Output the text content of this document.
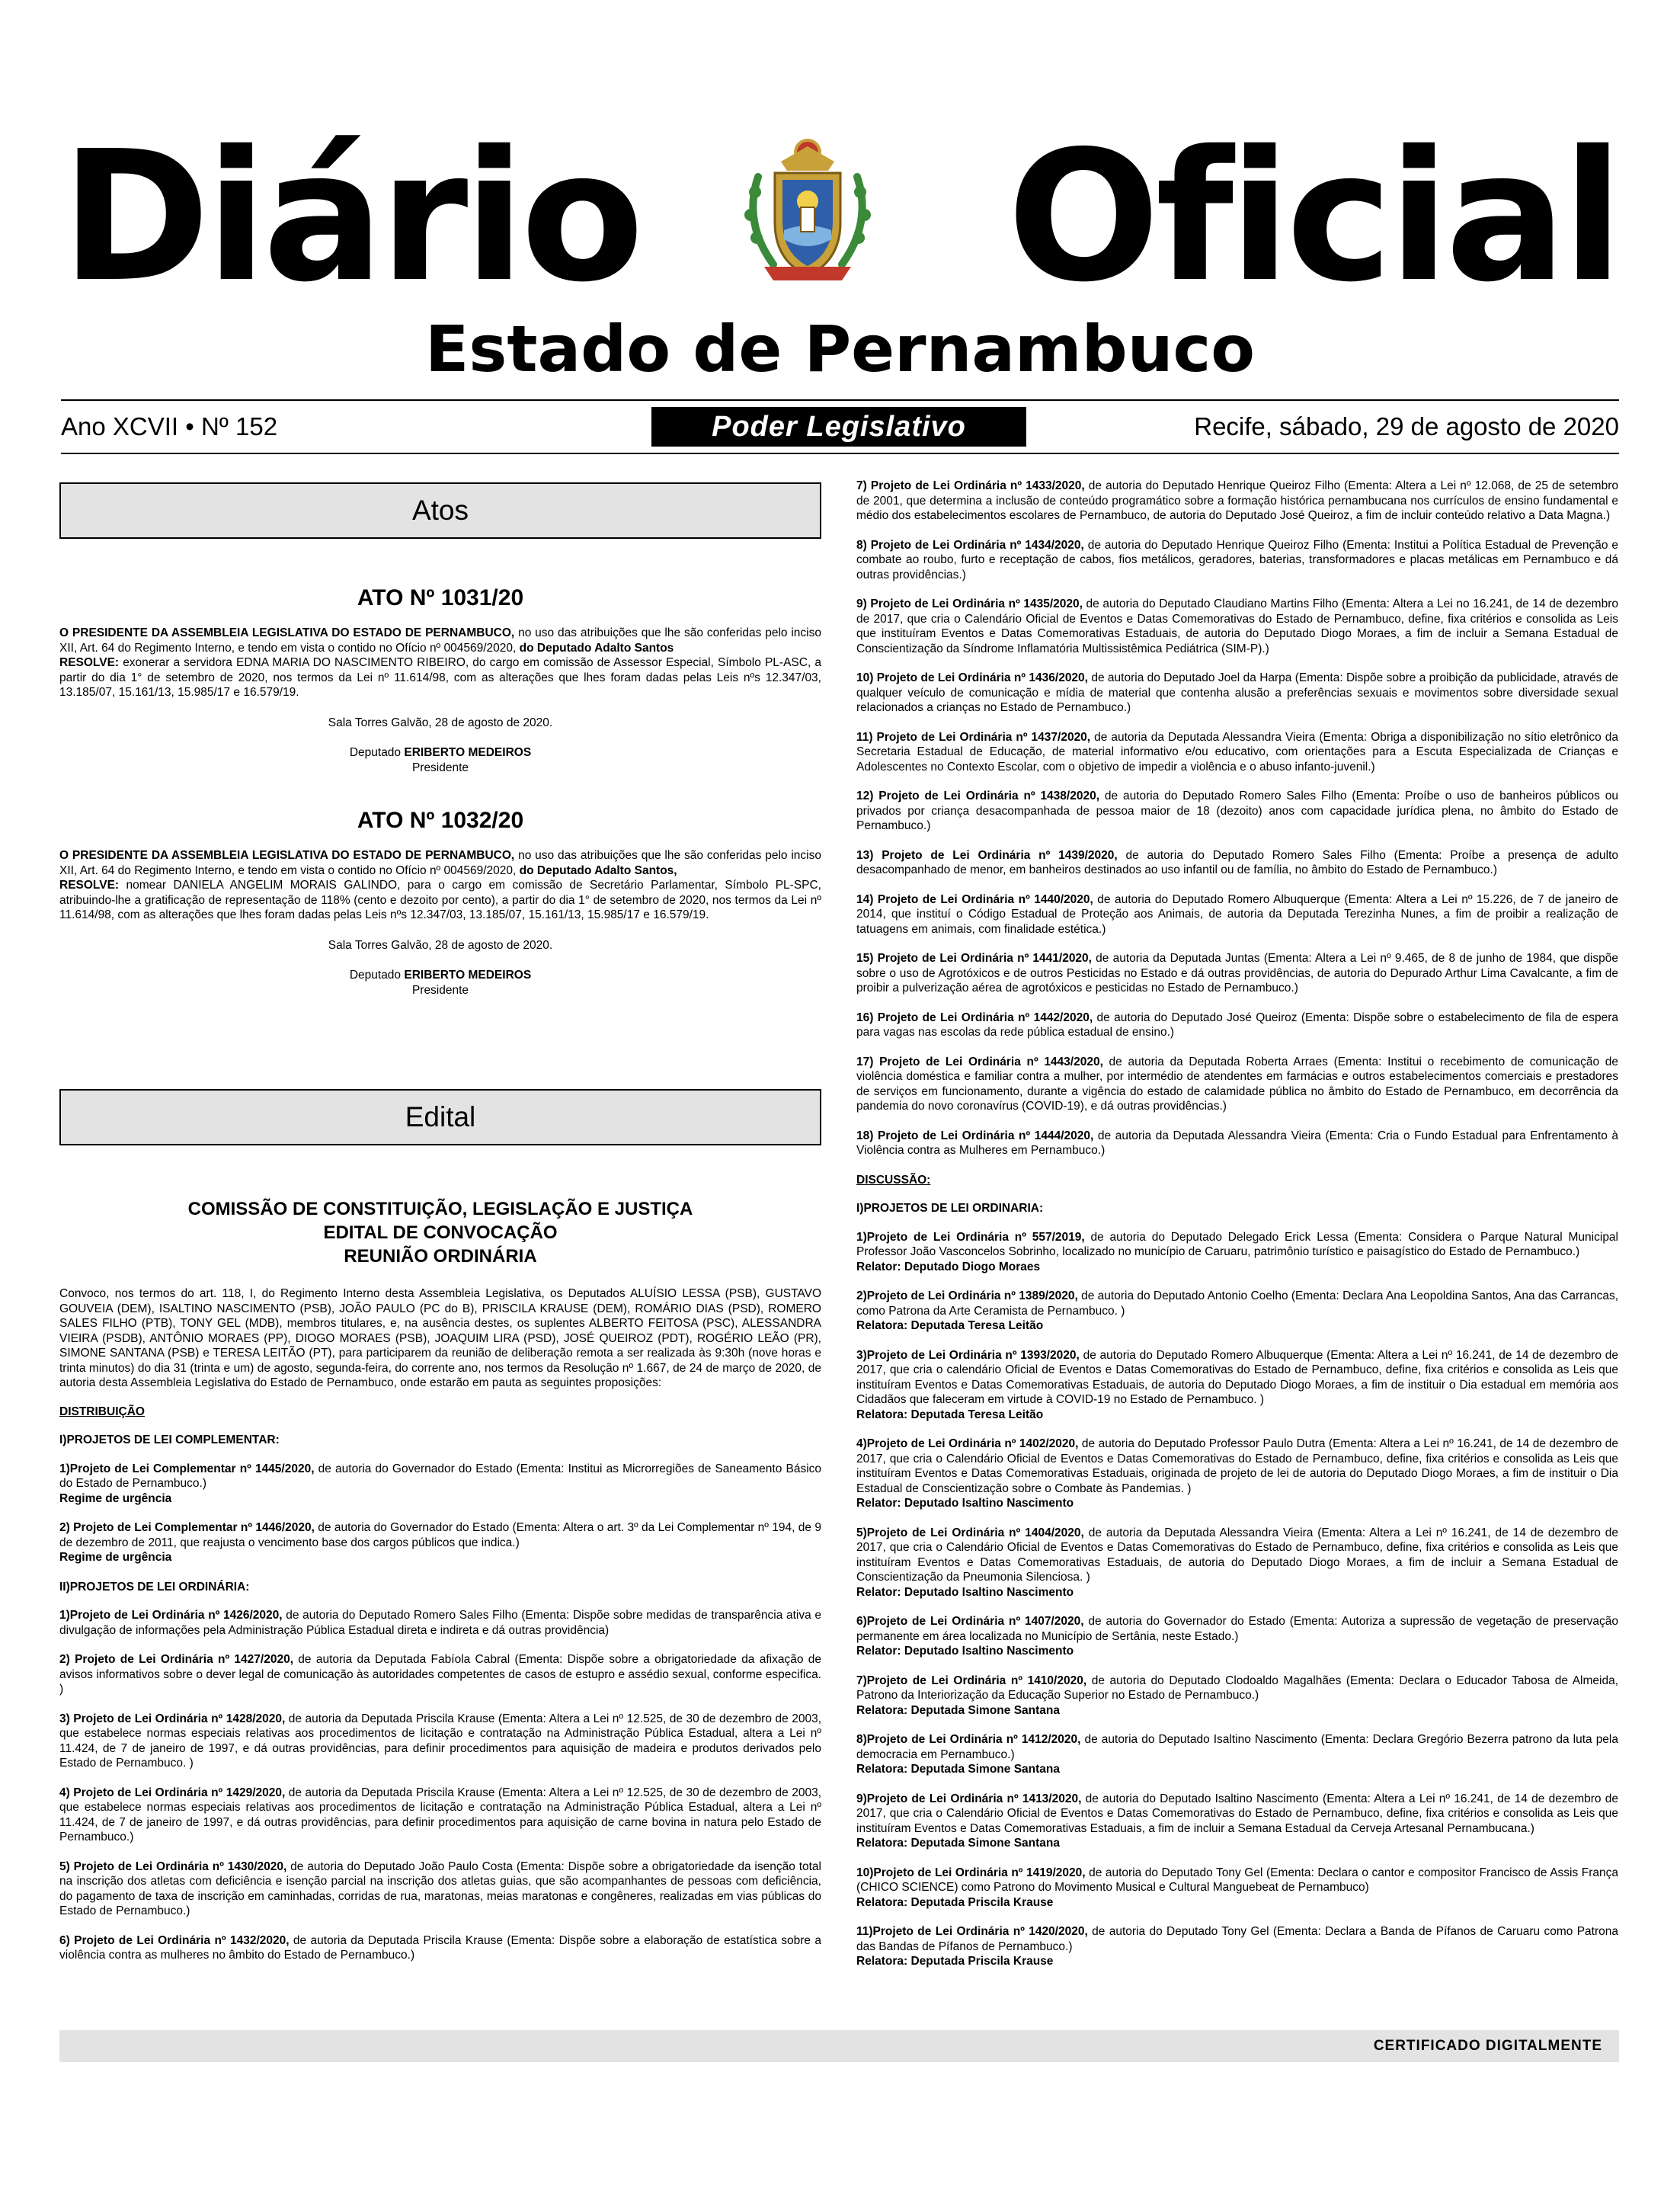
Diário Oficial
Estado de Pernambuco
Ano XCVII • Nº 152	Poder Legislativo	Recife, sábado, 29 de agosto de 2020
Atos
ATO Nº 1031/20

O PRESIDENTE DA ASSEMBLEIA LEGISLATIVA DO ESTADO DE PERNAMBUCO, no uso das atribuições que lhe são conferidas pelo inciso XII, Art. 64 do Regimento Interno, e tendo em vista o contido no Ofício nº 004569/2020, do Deputado Adalto Santos

RESOLVE: exonerar a servidora EDNA MARIA DO NASCIMENTO RIBEIRO, do cargo em comissão de Assessor Especial, Símbolo PL-ASC, a partir do dia 1° de setembro de 2020, nos termos da Lei nº 11.614/98, com as alterações que lhes foram dadas pelas Leis nºs 12.347/03, 13.185/07, 15.161/13, 15.985/17 e 16.579/19.

Sala Torres Galvão, 28 de agosto de 2020.

Deputado ERIBERTO MEDEIROS

Presidente

ATO Nº 1032/20

O PRESIDENTE DA ASSEMBLEIA LEGISLATIVA DO ESTADO DE PERNAMBUCO, no uso das atribuições que lhe são conferidas pelo inciso XII, Art. 64 do Regimento Interno, e tendo em vista o contido no Ofício nº 004569/2020, do Deputado Adalto Santos,

RESOLVE: nomear DANIELA ANGELIM MORAIS GALINDO, para o cargo em comissão de Secretário Parlamentar, Símbolo PL-SPC, atribuindo-lhe a gratificação de representação de 118% (cento e dezoito por cento), a partir do dia 1° de setembro de 2020, nos termos da Lei nº 11.614/98, com as alterações que lhes foram dadas pelas Leis nºs 12.347/03, 13.185/07, 15.161/13, 15.985/17 e 16.579/19.

Sala Torres Galvão, 28 de agosto de 2020.

Deputado ERIBERTO MEDEIROS

Presidente

Edital
COMISSÃO DE CONSTITUIÇÃO, LEGISLAÇÃO E JUSTIÇA
EDITAL DE CONVOCAÇÃO
REUNIÃO ORDINÁRIA

Convoco, nos termos do art. 118, I, do Regimento Interno desta Assembleia Legislativa, os Deputados ALUÍSIO LESSA (PSB), GUSTAVO GOUVEIA (DEM), ISALTINO NASCIMENTO (PSB), JOÃO PAULO (PC do B), PRISCILA KRAUSE (DEM), ROMÁRIO DIAS (PSD), ROMERO SALES FILHO (PTB), TONY GEL (MDB), membros titulares, e, na ausência destes, os suplentes ALBERTO FEITOSA (PSC), ALESSANDRA VIEIRA (PSDB), ANTÔNIO MORAES (PP), DIOGO MORAES (PSB), JOAQUIM LIRA (PSD), JOSÉ QUEIROZ (PDT), ROGÉRIO LEÃO (PR), SIMONE SANTANA (PSB) e TERESA LEITÃO (PT), para participarem da reunião de deliberação remota a ser realizada às 9:30h (nove horas e trinta minutos) do dia 31 (trinta e um) de agosto, segunda-feira, do corrente ano, nos termos da Resolução nº 1.667, de 24 de março de 2020, de autoria desta Assembleia Legislativa do Estado de Pernambuco, onde estarão em pauta as seguintes proposições:

DISTRIBUIÇÃO

I)PROJETOS DE LEI COMPLEMENTAR:

1)Projeto de Lei Complementar nº 1445/2020, de autoria do Governador do Estado (Ementa: Institui as Microrregiões de Saneamento Básico do Estado de Pernambuco.)
Regime de urgência

2) Projeto de Lei Complementar nº 1446/2020, de autoria do Governador do Estado (Ementa: Altera o art. 3º da Lei Complementar nº 194, de 9 de dezembro de 2011, que reajusta o vencimento base dos cargos públicos que indica.)
Regime de urgência

II)PROJETOS DE LEI ORDINÁRIA:

1)Projeto de Lei Ordinária nº 1426/2020, de autoria do Deputado Romero Sales Filho (Ementa: Dispõe sobre medidas de transparência ativa e divulgação de informações pela Administração Pública Estadual direta e indireta e dá outras providência)

2) Projeto de Lei Ordinária nº 1427/2020, de autoria da Deputada Fabíola Cabral (Ementa: Dispõe sobre a obrigatoriedade da afixação de avisos informativos sobre o dever legal de comunicação às autoridades competentes de casos de estupro e assédio sexual, conforme especifica. )

3) Projeto de Lei Ordinária nº 1428/2020, de autoria da Deputada Priscila Krause (Ementa: Altera a Lei nº 12.525, de 30 de dezembro de 2003, que estabelece normas especiais relativas aos procedimentos de licitação e contratação na Administração Pública Estadual, altera a Lei nº 11.424, de 7 de janeiro de 1997, e dá outras providências, para definir procedimentos para aquisição de madeira e produtos derivados pelo Estado de Pernambuco. )

4) Projeto de Lei Ordinária nº 1429/2020, de autoria da Deputada Priscila Krause (Ementa: Altera a Lei nº 12.525, de 30 de dezembro de 2003, que estabelece normas especiais relativas aos procedimentos de licitação e contratação na Administração Pública Estadual, altera a Lei nº 11.424, de 7 de janeiro de 1997, e dá outras providências, para definir procedimentos para aquisição de carne bovina in natura pelo Estado de Pernambuco.)

5) Projeto de Lei Ordinária nº 1430/2020, de autoria do Deputado João Paulo Costa (Ementa: Dispõe sobre a obrigatoriedade da isenção total na inscrição dos atletas com deficiência e isenção parcial na inscrição dos atletas guias, que são acompanhantes de pessoas com deficiência, do pagamento de taxa de inscrição em caminhadas, corridas de rua, maratonas, meias maratonas e congêneres, realizadas em vias públicas do Estado de Pernambuco.)

6) Projeto de Lei Ordinária nº 1432/2020, de autoria da Deputada Priscila Krause (Ementa: Dispõe sobre a elaboração de estatística sobre a violência contra as mulheres no âmbito do Estado de Pernambuco.)

7) Projeto de Lei Ordinária nº 1433/2020, de autoria do Deputado Henrique Queiroz Filho (Ementa: Altera a Lei nº 12.068, de 25 de setembro de 2001, que determina a inclusão de conteúdo programático sobre a formação histórica pernambucana nos currículos de ensino fundamental e médio dos estabelecimentos escolares de Pernambuco, de autoria do Deputado José Queiroz, a fim de incluir conteúdo relativo a Data Magna.)

8) Projeto de Lei Ordinária nº 1434/2020, de autoria do Deputado Henrique Queiroz Filho (Ementa: Institui a Política Estadual de Prevenção e combate ao roubo, furto e receptação de cabos, fios metálicos, geradores, baterias, transformadores e placas metálicas em Pernambuco e dá outras providências.)

9) Projeto de Lei Ordinária nº 1435/2020, de autoria do Deputado Claudiano Martins Filho (Ementa: Altera a Lei no 16.241, de 14 de dezembro de 2017, que cria o Calendário Oficial de Eventos e Datas Comemorativas do Estado de Pernambuco, define, fixa critérios e consolida as Leis que instituíram Eventos e Datas Comemorativas Estaduais, de autoria do Deputado Diogo Moraes, a fim de incluir a Semana Estadual de Conscientização da Síndrome Inflamatória Multissistêmica Pediátrica (SIM-P).)

10) Projeto de Lei Ordinária nº 1436/2020, de autoria do Deputado Joel da Harpa (Ementa: Dispõe sobre a proibição da publicidade, através de qualquer veículo de comunicação e mídia de material que contenha alusão a preferências sexuais e movimentos sobre diversidade sexual relacionados a crianças no Estado de Pernambuco.)

11) Projeto de Lei Ordinária nº 1437/2020, de autoria da Deputada Alessandra Vieira (Ementa: Obriga a disponibilização no sítio eletrônico da Secretaria Estadual de Educação, de material informativo e/ou educativo, com orientações para a Escuta Especializada de Crianças e Adolescentes no Contexto Escolar, com o objetivo de impedir a violência e o abuso infanto-juvenil.)

12) Projeto de Lei Ordinária nº 1438/2020, de autoria do Deputado Romero Sales Filho (Ementa: Proíbe o uso de banheiros públicos ou privados por criança desacompanhada de pessoa maior de 18 (dezoito) anos com capacidade jurídica plena, no âmbito do Estado de Pernambuco.)

13) Projeto de Lei Ordinária nº 1439/2020, de autoria do Deputado Romero Sales Filho (Ementa: Proíbe a presença de adulto desacompanhado de menor, em banheiros destinados ao uso infantil ou de família, no âmbito do Estado de Pernambuco.)

14) Projeto de Lei Ordinária nº 1440/2020, de autoria do Deputado Romero Albuquerque (Ementa: Altera a Lei nº 15.226, de 7 de janeiro de 2014, que instituí o Código Estadual de Proteção aos Animais, de autoria da Deputada Terezinha Nunes, a fim de proibir a realização de tatuagens em animais, com finalidade estética.)

15) Projeto de Lei Ordinária nº 1441/2020, de autoria da Deputada Juntas (Ementa: Altera a Lei nº 9.465, de 8 de junho de 1984, que dispõe sobre o uso de Agrotóxicos e de outros Pesticidas no Estado e dá outras providências, de autoria do Depurado Arthur Lima Cavalcante, a fim de proibir a pulverização aérea de agrotóxicos e pesticidas no Estado de Pernambuco.)

16) Projeto de Lei Ordinária nº 1442/2020, de autoria do Deputado José Queiroz (Ementa: Dispõe sobre o estabelecimento de fila de espera para vagas nas escolas da rede pública estadual de ensino.)

17) Projeto de Lei Ordinária nº 1443/2020, de autoria da Deputada Roberta Arraes (Ementa: Institui o recebimento de comunicação de violência doméstica e familiar contra a mulher, por intermédio de atendentes em farmácias e outros estabelecimentos comerciais e prestadores de serviços em funcionamento, durante a vigência do estado de calamidade pública no âmbito do Estado de Pernambuco, em decorrência da pandemia do novo coronavírus (COVID-19), e dá outras providências.)

18) Projeto de Lei Ordinária nº 1444/2020, de autoria da Deputada Alessandra Vieira (Ementa: Cria o Fundo Estadual para Enfrentamento à Violência contra as Mulheres em Pernambuco.)

DISCUSSÃO:

I)PROJETOS DE LEI ORDINARIA:

1)Projeto de Lei Ordinária nº 557/2019, de autoria do Deputado Delegado Erick Lessa (Ementa: Considera o Parque Natural Municipal Professor João Vasconcelos Sobrinho, localizado no município de Caruaru, patrimônio turístico e paisagístico do Estado de Pernambuco.)
Relator: Deputado Diogo Moraes

2)Projeto de Lei Ordinária nº 1389/2020, de autoria do Deputado Antonio Coelho (Ementa: Declara Ana Leopoldina Santos, Ana das Carrancas, como Patrona da Arte Ceramista de Pernambuco. )
Relatora: Deputada Teresa Leitão

3)Projeto de Lei Ordinária nº 1393/2020, de autoria do Deputado Romero Albuquerque (Ementa: Altera a Lei nº 16.241, de 14 de dezembro de 2017, que cria o calendário Oficial de Eventos e Datas Comemorativas do Estado de Pernambuco, define, fixa critérios e consolida as Leis que instituíram Eventos e Datas Comemorativas Estaduais, de autoria do Deputado Diogo Moraes, a fim de instituir o Dia estadual em memória aos Cidadãos que faleceram em virtude à COVID-19 no Estado de Pernambuco. )
Relatora: Deputada Teresa Leitão

4)Projeto de Lei Ordinária nº 1402/2020, de autoria do Deputado Professor Paulo Dutra (Ementa: Altera a Lei nº 16.241, de 14 de dezembro de 2017, que cria o Calendário Oficial de Eventos e Datas Comemorativas do Estado de Pernambuco, define, fixa critérios e consolida as Leis que instituíram Eventos e Datas Comemorativas Estaduais, originada de projeto de lei de autoria do Deputado Diogo Moraes, a fim de instituir o Dia Estadual de Conscientização sobre o Combate às Pandemias. )
Relator: Deputado Isaltino Nascimento

5)Projeto de Lei Ordinária nº 1404/2020, de autoria da Deputada Alessandra Vieira (Ementa: Altera a Lei nº 16.241, de 14 de dezembro de 2017, que cria o Calendário Oficial de Eventos e Datas Comemorativas do Estado de Pernambuco, define, fixa critérios e consolida as Leis que instituíram Eventos e Datas Comemorativas Estaduais, de autoria do Deputado Diogo Moraes, a fim de incluir a Semana Estadual de Conscientização da Pneumonia Silenciosa. )
Relator: Deputado Isaltino Nascimento

6)Projeto de Lei Ordinária nº 1407/2020, de autoria do Governador do Estado (Ementa: Autoriza a supressão de vegetação de preservação permanente em área localizada no Município de Sertânia, neste Estado.)
Relator: Deputado Isaltino Nascimento

7)Projeto de Lei Ordinária nº 1410/2020, de autoria do Deputado Clodoaldo Magalhães (Ementa: Declara o Educador Tabosa de Almeida, Patrono da Interiorização da Educação Superior no Estado de Pernambuco.)
Relatora: Deputada Simone Santana

8)Projeto de Lei Ordinária nº 1412/2020, de autoria do Deputado Isaltino Nascimento (Ementa: Declara Gregório Bezerra patrono da luta pela democracia em Pernambuco.)
Relatora: Deputada Simone Santana

9)Projeto de Lei Ordinária nº 1413/2020, de autoria do Deputado Isaltino Nascimento (Ementa: Altera a Lei nº 16.241, de 14 de dezembro de 2017, que cria o Calendário Oficial de Eventos e Datas Comemorativas do Estado de Pernambuco, define, fixa critérios e consolida as Leis que instituíram Eventos e Datas Comemorativas Estaduais, a fim de incluir a Semana Estadual da Cerveja Artesanal Pernambucana.)
Relatora: Deputada Simone Santana

10)Projeto de Lei Ordinária nº 1419/2020, de autoria do Deputado Tony Gel (Ementa: Declara o cantor e compositor Francisco de Assis França (CHICO SCIENCE) como Patrono do Movimento Musical e Cultural Manguebeat de Pernambuco)
Relatora: Deputada Priscila Krause

11)Projeto de Lei Ordinária nº 1420/2020, de autoria do Deputado Tony Gel (Ementa: Declara a Banda de Pífanos de Caruaru como Patrona das Bandas de Pífanos de Pernambuco.)
Relatora: Deputada Priscila Krause

CERTIFICADO DIGITALMENTE
